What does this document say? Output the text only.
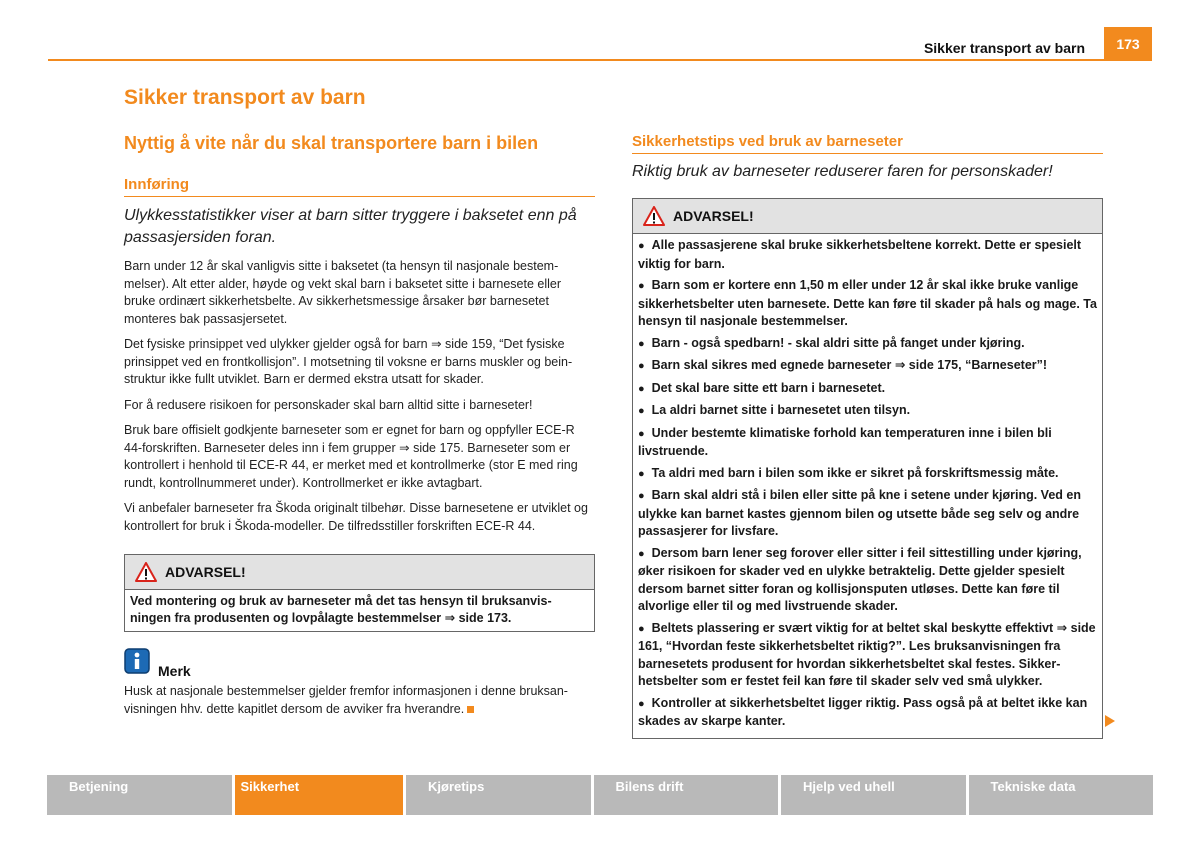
Sikker transport av barn	173
Sikker transport av barn
Nyttig å vite når du skal transportere barn i bilen
Innføring
Ulykkesstatistikker viser at barn sitter tryggere i baksetet enn på passasjersiden foran.

Barn under 12 år skal vanligvis sitte i baksetet (ta hensyn til nasjonale bestem-melser). Alt etter alder, høyde og vekt skal barn i baksetet sitte i barnesete eller bruke ordinært sikkerhetsbelte. Av sikkerhetsmessige årsaker bør barnesetet monteres bak passasjersetet.

Det fysiske prinsippet ved ulykker gjelder også for barn ⇒ side 159, “Det fysiske prinsippet ved en frontkollisjon”. I motsetning til voksne er barns muskler og bein-struktur ikke fullt utviklet. Barn er dermed ekstra utsatt for skader.

For å redusere risikoen for personskader skal barn alltid sitte i barneseter!

Bruk bare offisielt godkjente barneseter som er egnet for barn og oppfyller ECE-R 44-forskriften. Barneseter deles inn i fem grupper ⇒ side 175. Barneseter som er kontrollert i henhold til ECE-R 44, er merket med et kontrollmerke (stor E med ring rundt, kontrollnummeret under). Kontrollmerket er ikke avtagbart.

Vi anbefaler barneseter fra Škoda originalt tilbehør. Disse barnesetene er utviklet og kontrollert for bruk i Škoda-modeller. De tilfredsstiller forskriften ECE-R 44.

ADVARSEL!
Ved montering og bruk av barneseter må det tas hensyn til bruksanvis-ningen fra produsenten og lovpålagte bestemmelser ⇒ side 173.
Merk
Husk at nasjonale bestemmelser gjelder fremfor informasjonen i denne bruksan-visningen hhv. dette kapitlet dersom de avviker fra hverandre.
Sikkerhetstips ved bruk av barneseter
Riktig bruk av barneseter reduserer faren for personskader!
ADVARSEL!
● Alle passasjerene skal bruke sikkerhetsbeltene korrekt. Dette er spesielt viktig for barn.
● Barn som er kortere enn 1,50 m eller under 12 år skal ikke bruke vanlige sikkerhetsbelter uten barnesete. Dette kan føre til skader på hals og mage. Ta hensyn til nasjonale bestemmelser.
● Barn - også spedbarn! - skal aldri sitte på fanget under kjøring.
● Barn skal sikres med egnede barneseter ⇒ side 175, “Barneseter”!
● Det skal bare sitte ett barn i barnesetet.
● La aldri barnet sitte i barnesetet uten tilsyn.
● Under bestemte klimatiske forhold kan temperaturen inne i bilen bli livstruende.
● Ta aldri med barn i bilen som ikke er sikret på forskriftsmessig måte.
● Barn skal aldri stå i bilen eller sitte på kne i setene under kjøring. Ved en ulykke kan barnet kastes gjennom bilen og utsette både seg selv og andre passasjerer for livsfare.
● Dersom barn lener seg forover eller sitter i feil sittestilling under kjøring, øker risikoen for skader ved en ulykke betraktelig. Dette gjelder spesielt dersom barnet sitter foran og kollisjonsputen utløses. Dette kan føre til alvorlige eller til og med livstruende skader.
● Beltets plassering er svært viktig for at beltet skal beskytte effektivt ⇒ side 161, “Hvordan feste sikkerhetsbeltet riktig?”. Les bruksanvisningen fra barnesetets produsent for hvordan sikkerhetsbeltet skal festes. Sikker-hetsbelter som er festet feil kan føre til skader selv ved små ulykker.
● Kontroller at sikkerhetsbeltet ligger riktig. Pass også på at beltet ikke kan skades av skarpe kanter.
Betjening	Sikkerhet	Kjøretips	Bilens drift	Hjelp ved uhell	Tekniske data
